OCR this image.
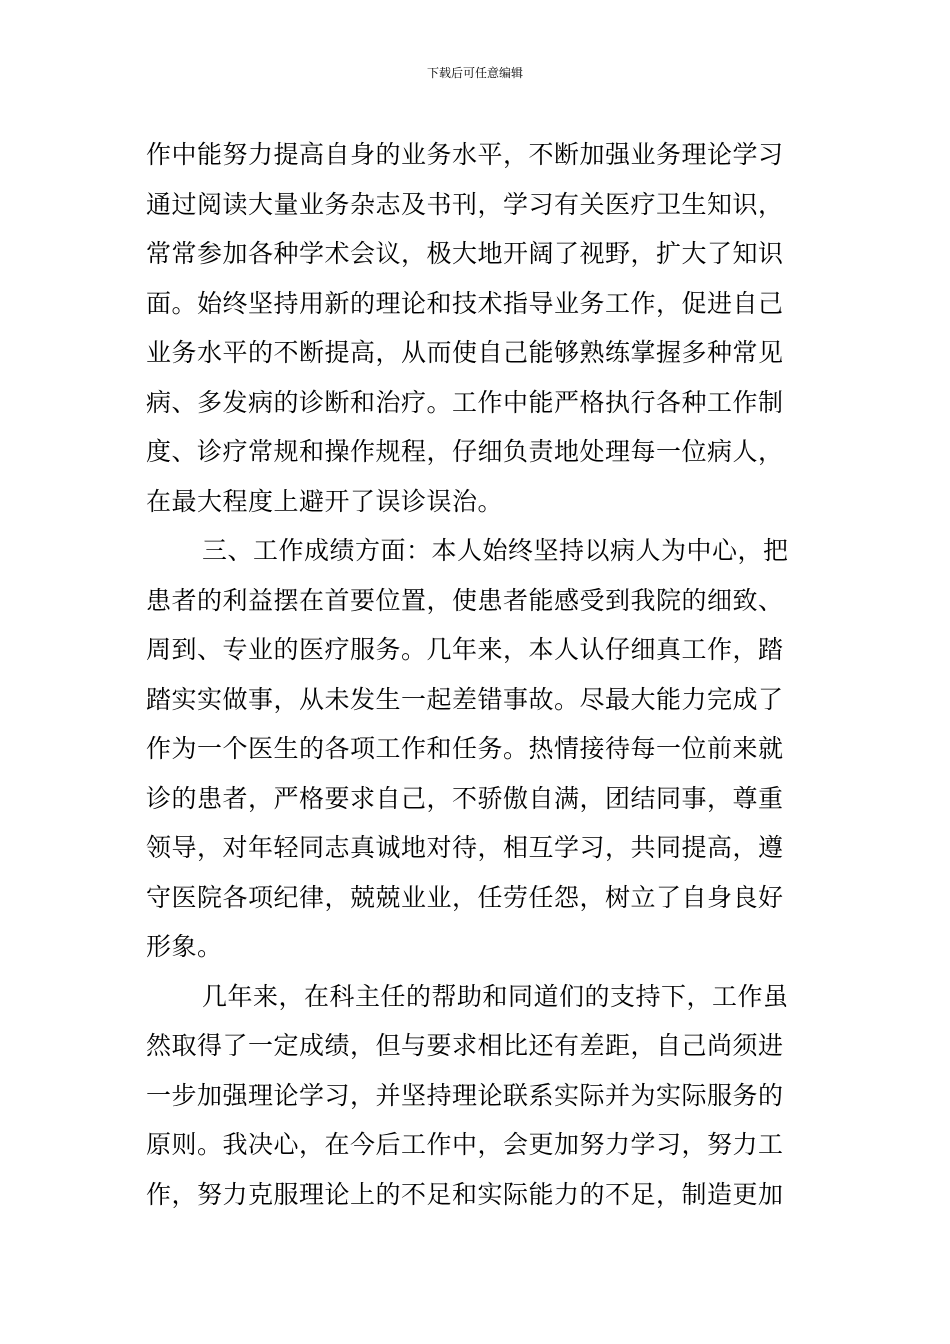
下载后可任意编辑
作中能努力提高自身的业务水平，不断加强业务理论学习
通过阅读大量业务杂志及书刊，学习有关医疗卫生知识，
常常参加各种学术会议，极大地开阔了视野，扩大了知识
面。始终坚持用新的理论和技术指导业务工作，促进自己
业务水平的不断提高，从而使自己能够熟练掌握多种常见
病、多发病的诊断和治疗。工作中能严格执行各种工作制
度、诊疗常规和操作规程，仔细负责地处理每一位病人，
在最大程度上避开了误诊误治。
三、工作成绩方面：本人始终坚持以病人为中心，把
患者的利益摆在首要位置，使患者能感受到我院的细致、
周到、专业的医疗服务。几年来，本人认仔细真工作，踏
踏实实做事，从未发生一起差错事故。尽最大能力完成了
作为一个医生的各项工作和任务。热情接待每一位前来就
诊的患者，严格要求自己，不骄傲自满，团结同事，尊重
领导，对年轻同志真诚地对待，相互学习，共同提高，遵
守医院各项纪律，兢兢业业，任劳任怨，树立了自身良好
形象。
几年来，在科主任的帮助和同道们的支持下，工作虽
然取得了一定成绩，但与要求相比还有差距，自己尚须进
一步加强理论学习，并坚持理论联系实际并为实际服务的
原则。我决心，在今后工作中，会更加努力学习，努力工
作，努力克服理论上的不足和实际能力的不足，制造更加
